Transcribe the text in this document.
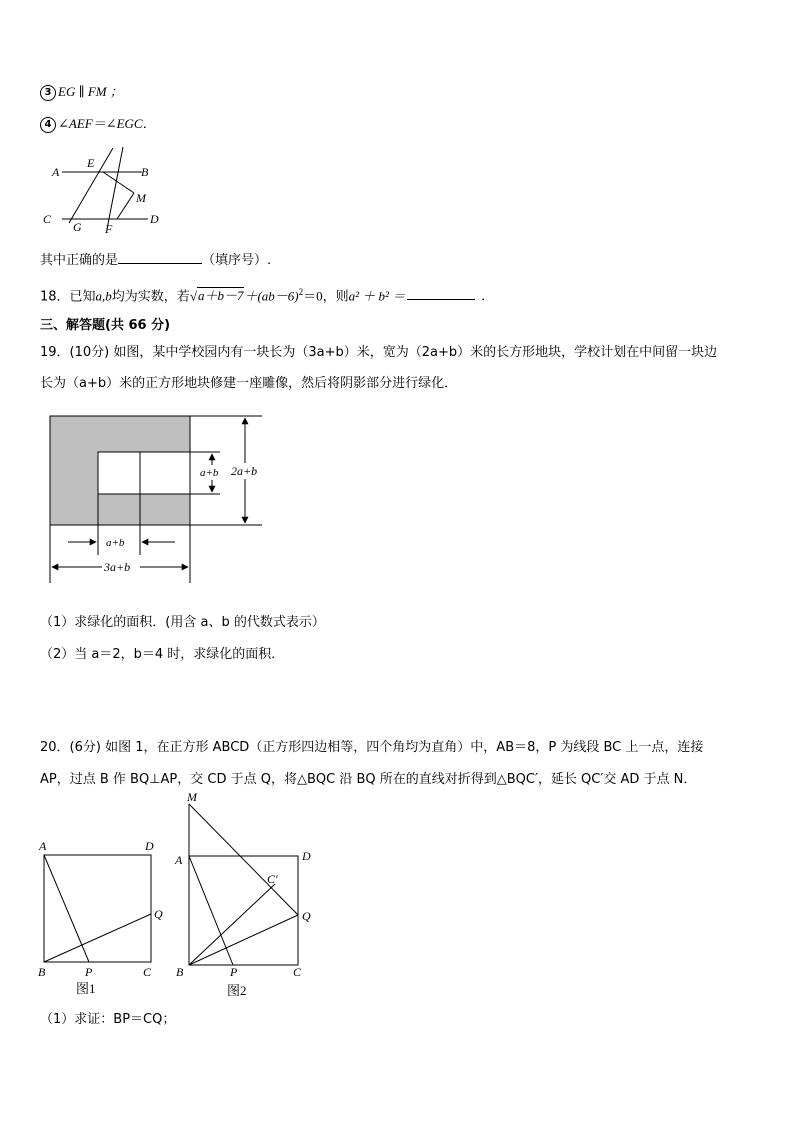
3 EG ∥ FM ；
4 ∠AEF＝∠EGC．
A
E
B
M
C
G F
D
其中正确的是	（填序号）.
18．已知a,b均为实数，若$√a+b-7+(ab-6)^2=0$，则a² ＋ b² ＝	．
三、解答题(共 66 分)
19．(10分) 如图，某中学校园内有一块长为（3a+b）米，宽为（2a+b）米的长方形地块，学校计划在中间留一块边
长为（a+b）米的正方形地块修建一座雕像，然后将阴影部分进行绿化．
2a+b
a+b
a+b
3a+b
（1）求绿化的面积．(用含 a、b 的代数式表示）
（2）当 a＝2，b＝4 时，求绿化的面积．
20．(6分) 如图 1，在正方形 ABCD（正方形四边相等，四个角均为直角）中，AB＝8，P 为线段 BC 上一点，连接
AP，过点 B 作 BQ⊥AP，交 CD 于点 Q，将△BQC 沿 BQ 所在的直线对折得到△BQC′，延长 QC′交 AD 于点 N．
A	D
Q
B	P	C
图1
M
A	D
C′
Q
B	P	C
图2
（1）求证：BP＝CQ；
